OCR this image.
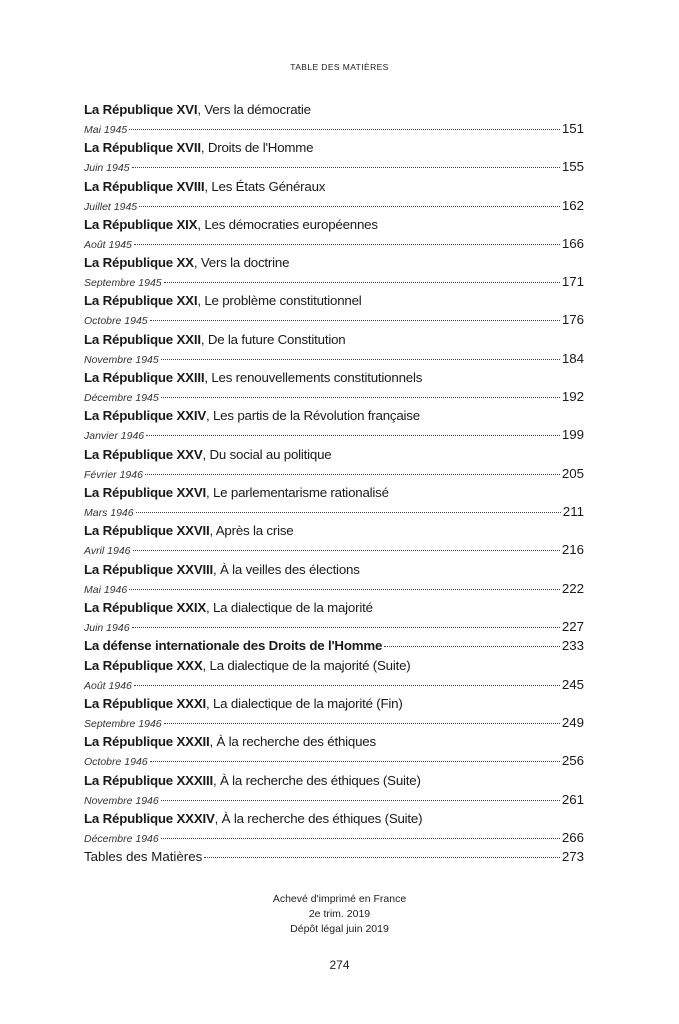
TABLE DES MATIÈRES
La République XVI, Vers la démocratie
Mai 1945	151
La République XVII, Droits de l'Homme
Juin 1945	155
La République XVIII, Les États Généraux
Juillet 1945	162
La République XIX, Les démocraties européennes
Août 1945	166
La République XX, Vers la doctrine
Septembre 1945	171
La République XXI, Le problème constitutionnel
Octobre 1945	176
La République XXII, De la future Constitution
Novembre 1945	184
La République XXIII, Les renouvellements constitutionnels
Décembre 1945	192
La République XXIV, Les partis de la Révolution française
Janvier 1946	199
La République XXV, Du social au politique
Février 1946	205
La République XXVI, Le parlementarisme rationalisé
Mars 1946	211
La République XXVII, Après la crise
Avril 1946	216
La République XXVIII, À la veilles des élections
Mai 1946	222
La République XXIX, La dialectique de la majorité
Juin 1946	227
La défense internationale des Droits de l'Homme	233
La République XXX, La dialectique de la majorité (Suite)
Août 1946	245
La République XXXI, La dialectique de la majorité (Fin)
Septembre 1946	249
La République XXXII, À la recherche des éthiques
Octobre 1946	256
La République XXXIII, À la recherche des éthiques (Suite)
Novembre 1946	261
La République XXXIV, À la recherche des éthiques (Suite)
Décembre 1946	266
Tables des Matières	273
Achevé d'imprimé en France
2e trim. 2019
Dépôt légal juin 2019
274
